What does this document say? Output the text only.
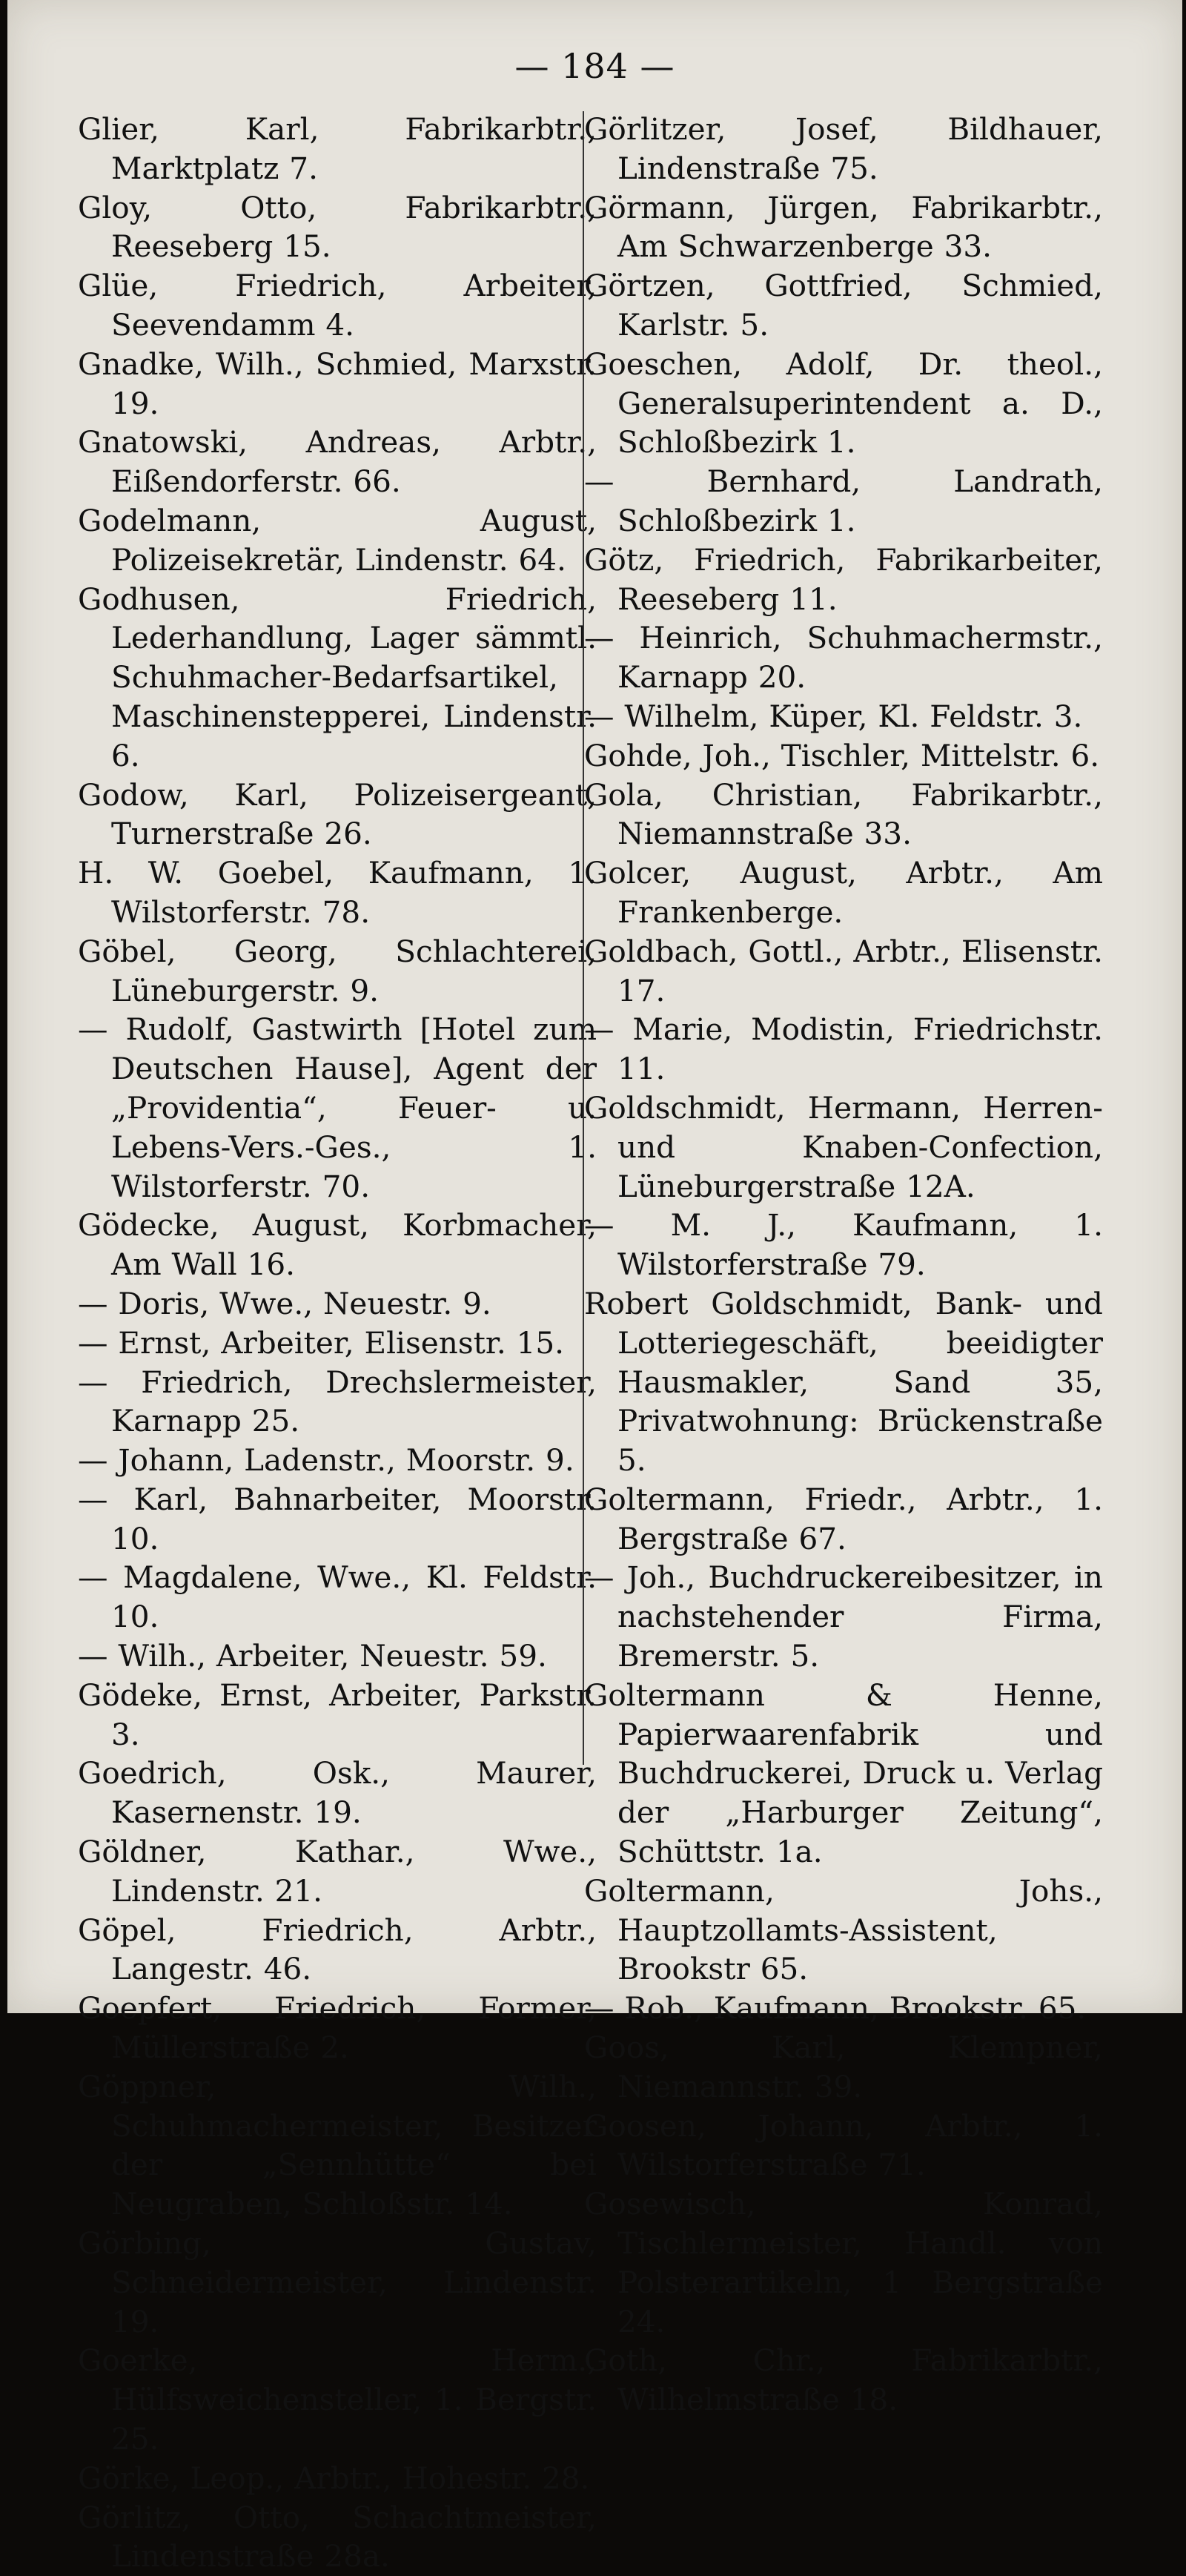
— 184 —
Glier, Karl, Fabrikarbtr., Marktplatz 7.
Gloy, Otto, Fabrikarbtr., Reeseberg 15.
Glüe, Friedrich, Arbeiter, Seevendamm 4.
Gnadke, Wilh., Schmied, Marxstr. 19.
Gnatowski, Andreas, Arbtr., Eißendorferstr. 66.
Godelmann, August, Polizeisekretär, Lindenstr. 64.
Godhusen, Friedrich, Lederhandlung, Lager sämmtl. Schuhmacher-Bedarfsartikel, Maschinenstepperei, Lindenstr. 6.
Godow, Karl, Polizeisergeant, Turnerstraße 26.
H. W. Goebel, Kaufmann, 1. Wilstorferstr. 78.
Göbel, Georg, Schlachterei, Lüneburgerstr. 9.
— Rudolf, Gastwirth [Hotel zum Deutschen Hause], Agent der „Providentia“, Feuer- u. Lebens-Vers.-Ges., 1. Wilstorferstr. 70.
Gödecke, August, Korbmacher, Am Wall 16.
— Doris, Wwe., Neuestr. 9.
— Ernst, Arbeiter, Elisenstr. 15.
— Friedrich, Drechslermeister, Karnapp 25.
— Johann, Ladenstr., Moorstr. 9.
— Karl, Bahnarbeiter, Moorstr. 10.
— Magdalene, Wwe., Kl. Feldstr. 10.
— Wilh., Arbeiter, Neuestr. 59.
Gödeke, Ernst, Arbeiter, Parkstr. 3.
Goedrich, Osk., Maurer, Kasernenstr. 19.
Göldner, Kathar., Wwe., Lindenstr. 21.
Göpel, Friedrich, Arbtr., Langestr. 46.
Goepfert, Friedrich, Former, Müllerstraße 2.
Göppner, Wilh., Schuhmachermeister, Besitzer der „Sennhütte“ bei Neugraben, Schloßstr. 14.
Görbing, Gustav, Schneidermeister, Lindenstr. 19.
Goerke, Herm., Hülfsweichensteller, 1. Bergstr. 25.
Görke, Leop., Arbtr., Hohestr. 28.
Görlitz, Otto, Schachtmeister, Lindenstraße 28a.
Görlitzer, Josef, Bildhauer, Lindenstraße 75.
Görmann, Jürgen, Fabrikarbtr., Am Schwarzenberge 33.
Görtzen, Gottfried, Schmied, Karlstr. 5.
Goeschen, Adolf, Dr. theol., Generalsuperintendent a. D., Schloßbezirk 1.
— Bernhard, Landrath, Schloßbezirk 1.
Götz, Friedrich, Fabrikarbeiter, Reeseberg 11.
— Heinrich, Schuhmachermstr., Karnapp 20.
— Wilhelm, Küper, Kl. Feldstr. 3.
Gohde, Joh., Tischler, Mittelstr. 6.
Gola, Christian, Fabrikarbtr., Niemannstraße 33.
Golcer, August, Arbtr., Am Frankenberge.
Goldbach, Gottl., Arbtr., Elisenstr. 17.
— Marie, Modistin, Friedrichstr. 11.
Goldschmidt, Hermann, Herren- und Knaben-Confection, Lüneburgerstraße 12A.
— M. J., Kaufmann, 1. Wilstorferstraße 79.
Robert Goldschmidt, Bank- und Lotteriegeschäft, beeidigter Hausmakler, Sand 35, Privatwohnung: Brückenstraße 5.
Goltermann, Friedr., Arbtr., 1. Bergstraße 67.
— Joh., Buchdruckereibesitzer, in nachstehender Firma, Bremerstr. 5.
Goltermann & Henne, Papierwaarenfabrik und Buchdruckerei, Druck u. Verlag der „Harburger Zeitung“, Schüttstr. 1a.
Goltermann, Johs., Hauptzollamts-Assistent, Brookstr 65.
— Rob., Kaufmann, Brookstr. 65.
Goos, Karl, Klempner, Niemannstr. 39.
Goosen, Johann, Arbtr., 1. Wilstorferstraße 71.
Gosewisch, Konrad, Tischlermeister, Handl. von Polsterartikeln, 1 Bergstraße 24.
Goth, Chr., Fabrikarbtr., Wilhelmstraße 18.
